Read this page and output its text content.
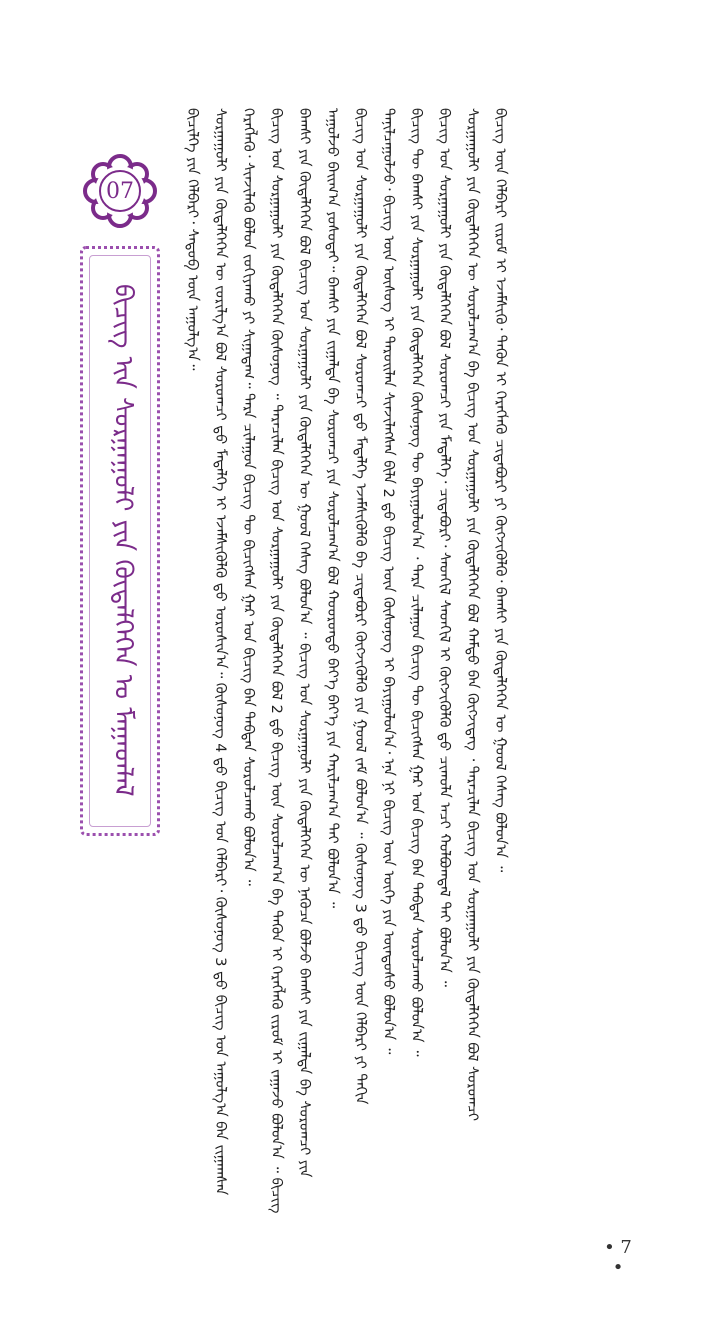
07
ᠪᠢᠴᠢᠭ ᠢᠨ ᠰᠤᠷᠭᠠᠭᠤᠯᠢ ᠶᠢᠨ ᠬᠥᠳᠡᠯᠭᠡᠭᠡᠨ ᠤ ᠮᠠᠭᠠᠳᠯᠠᠯ
ᠪᠢᠴᠢᠯᠭᠡ ᠶᠢᠨ ᠬᠡᠯᠪᠡᠷᠢ᠂ ᠰᠡᠳᠦᠪ ᠦᠨ ᠠᠭᠤᠯᠭ᠎ᠠ᠃ ᠰᠤᠷᠭᠠᠭᠤᠯᠢ ᠶᠢᠨ ᠬᠥᠳᠡᠯᠭᠡᠭᠡᠨ ᠦ ᠵᠣᠷᠢᠯᠭ᠎ᠠ ᠪᠣᠯ ᠰᠤᠷᠤᠭᠴᠢ ᠳ᠋ᠤ ᠮᠡᠳᠡᠯᠭᠡ ᠢ ᠡᠵᠡᠮᠰᠢᠭᠦᠯᠬᠦ ᠳ᠋ᠤ ᠣᠷᠣᠰᠢᠨ᠎ᠠ᠃ ᠬᠦᠰᠦᠨᠦᠭ 4 ᠳ᠋ᠦ ᠪᠢᠴᠢᠭ ᠤᠨ ᠬᠡᠯᠪᠡᠷᠢ᠂ ᠬᠦᠰᠦᠨᠦᠭ 3 ᠳ᠋ᠦ ᠪᠢᠴᠢᠭ ᠤᠨ ᠠᠭᠤᠯᠭ᠎ᠠ ᠪᠠᠨ ᠵᠢᠭᠠᠭᠰᠠᠨ
ᠬᠡᠷᠡᠭᠯᠡᠬᠦ᠂ ᠰᠢᠨᠵᠢᠯᠡᠬᠦ ᠪᠣᠯᠤᠨ ᠵᠣᠬᠢᠶᠠᠬᠤ ᠶᠢ ᠰᠢᠭ᠋ᠠᠳᠠᠭ᠃ ᠲᠡᠷᠡ ᠴᠢᠯᠠᠭᠤᠨ ᠪᠢᠴᠢᠭ ᠲᠦ ᠪᠢᠴᠢᠭᠰᠡᠨ ᠭᠠᠷ ᠤᠨ ᠪᠢᠴᠢᠭ ᠪᠠᠨ ᠳᠠᠪᠲᠠᠨ ᠰᠤᠷᠤᠯᠴᠠᠬᠤ ᠪᠣᠯᠤᠨ᠎ᠠ ᠃ ᠪᠢᠴᠢᠭ ᠤᠨ ᠰᠤᠷᠭᠠᠭᠤᠯᠢ ᠶᠢᠨ ᠬᠥᠳᠡᠯᠭᠡᠭᠡᠨ ᠬᠦᠰᠦᠨᠦᠭ ᠃ ᠲᠡᠷᠡᠴᠢᠯᠡᠨ ᠪᠢᠴᠢᠭ ᠤᠨ ᠰᠤᠷᠭᠠᠭᠤᠯᠢ ᠶᠢᠨ ᠬᠥᠳᠡᠯᠭᠡᠭᠡᠨ ᠪᠣᠯ 2 ᠳ᠋ᠦ ᠪᠢᠴᠢᠭ ᠦᠨ ᠰᠤᠷᠤᠯᠴᠠᠭ᠎ᠠ ᠪᠠ ᠲᠡᠭᠦᠨ ᠢ ᠬᠡᠷᠡᠭᠯᠡᠬᠦ ᠵᠢᠷᠤᠮ ᠢ ᠵᠠᠭᠠᠵᠤ ᠪᠣᠯᠤᠨ᠎ᠠ ᠃ ᠪᠢᠴᠢᠭ
ᠪᠠᠭᠰᠢ ᠶᠢᠨ ᠬᠥᠳᠡᠯᠭᠡᠭᠡᠨ ᠪᠣᠯ ᠪᠢᠴᠢᠭ ᠤᠨ ᠰᠤᠷᠭᠠᠭᠤᠯᠢ ᠶᠢᠨ ᠬᠥᠳᠡᠯᠭᠡᠭᠡᠨ ᠦ ᠭᠣᠣᠯ ᠬᠡᠰᠡᠭ ᠪᠣᠯᠤᠨ᠎ᠠ ᠃ ᠪᠢᠴᠢᠭ ᠤᠨ ᠰᠤᠷᠭᠠᠭᠤᠯᠢ ᠶᠢᠨ ᠬᠥᠳᠡᠯᠭᠡᠭᠡᠨ ᠦ ᠨᠡᠬᠦᠴᠡ ᠪᠣᠯᠵᠤ ᠪᠠᠭᠰᠢ ᠶᠢᠨ ᠵᠢᠭᠠᠯᠲᠠ ᠪᠠ ᠰᠤᠷᠤᠭᠴᠢ ᠶᠢᠨ
ᠠᠭᠤᠯᠵᠤ ᠪᠠᠢᠭ᠎ᠠ ᠶᠣᠰᠣᠲᠠᠢ᠃ ᠪᠠᠭᠰᠢ ᠶᠢᠨ ᠵᠢᠭᠠᠯᠲᠠ ᠪᠠ ᠰᠤᠷᠤᠭᠴᠢ ᠶᠢᠨ ᠰᠤᠷᠤᠯᠴᠠᠭ᠎ᠠ ᠪᠣᠯ ᠬᠣᠣᠷᠣᠨᠳᠤ ᠪᠡᠶ᠎ᠡ ᠪᠡᠶ᠎ᠡ ᠶᠢᠨ ᠬᠠᠷᠢᠯᠴᠠᠭ᠎ᠠ ᠲᠠᠢ ᠪᠣᠯᠤᠨ᠎ᠠ ᠃ ᠪᠢᠴᠢᠭ ᠤᠨ ᠰᠤᠷᠭᠠᠭᠤᠯᠢ ᠶᠢᠨ ᠬᠥᠳᠡᠯᠭᠡᠭᠡᠨ ᠪᠣᠯ ᠰᠤᠷᠤᠭᠴᠢ ᠳ᠋ᠤ ᠮᠡᠳᠡᠯᠭᠡ ᠡᠵᠡᠮᠰᠢᠭᠦᠯᠬᠦ ᠪᠠ ᠴᠢᠳᠠᠪᠤᠷᠢ ᠬᠥᠭᠵᠢᠭᠦᠯᠬᠦ ᠶᠢᠨ ᠭᠣᠣᠯ ᠵᠠᠮ ᠪᠣᠯᠤᠨ᠎ᠠ ᠃ ᠬᠦᠰᠦᠨᠦᠭ 3 ᠳ᠋ᠦ ᠪᠢᠴᠢᠭ ᠦᠨ ᠬᠡᠯᠪᠡᠷᠢ ᠶᠢ ᠳᠠᠬᠢᠨ ᠲᠠᠨᠢᠯᠴᠠᠭᠤᠯᠵᠤ᠂ ᠪᠢᠴᠢᠭ ᠦᠨ ᠦᠰᠦᠭ ᠢ ᠳᠠᠷᠤᠢᠯᠠᠨ ᠰᠢᠨᠵᠢᠯᠡᠭᠰᠡᠨ ᠪᠢᠯᠡ 2 ᠳ᠋ᠦ ᠪᠢᠴᠢᠭ ᠦᠨ ᠬᠦᠰᠦᠨᠦᠭ ᠢ ᠪᠠᠶᠢᠭᠤᠯᠤᠨ᠎ᠠ᠂ ᠡᠨᠡ ᠨᠢ ᠪᠢᠴᠢᠭ ᠦᠨ ᠦᠭᠡ ᠶᠢᠨ ᠦᠨᠳᠦᠰᠦ ᠪᠣᠯᠤᠨ᠎ᠠ ᠃ ᠪᠢᠴᠢᠭ ᠲᠦ ᠪᠠᠭᠰᠢ ᠶᠢᠨ ᠰᠤᠷᠭᠠᠭᠤᠯᠢ ᠶᠢᠨ ᠬᠥᠳᠡᠯᠭᠡᠭᠡᠨ ᠬᠦᠰᠦᠨᠦᠭ ᠲᠦ ᠪᠠᠶᠢᠭᠤᠯᠤᠨ᠎ᠠ ᠂ ᠲᠡᠷᠡ ᠴᠢᠯᠠᠭᠤᠨ ᠪᠢᠴᠢᠭ ᠲᠦ ᠪᠢᠴᠢᠭᠰᠡᠨ ᠭᠠᠷ ᠤᠨ ᠪᠢᠴᠢᠭ ᠪᠠᠨ ᠳᠠᠪᠲᠠᠨ ᠰᠤᠷᠤᠯᠴᠠᠬᠤ ᠪᠣᠯᠤᠨ᠎ᠠ ᠃ ᠪᠢᠴᠢᠭ ᠤᠨ ᠰᠤᠷᠭᠠᠭᠤᠯᠢ ᠶᠢᠨ ᠬᠥᠳᠡᠯᠭᠡᠭᠡᠨ ᠪᠣᠯ ᠰᠤᠷᠤᠭᠴᠢ ᠶᠢᠨ ᠮᠡᠳᠡᠯᠭᠡ᠂ ᠴᠢᠳᠠᠪᠤᠷᠢ᠂ ᠰᠡᠳᠭᠢᠯ ᠰᠡᠳᠬᠢᠯ ᠢ ᠬᠥᠭᠵᠢᠭᠦᠯᠬᠦ ᠳ᠋ᠤ ᠴᠢᠬᠤᠯᠠ ᠠᠴᠢ ᠬᠤᠯᠪᠤᠭᠳᠠᠯ ᠲᠠᠢ ᠪᠣᠯᠤᠨ᠎ᠠ ᠃ ᠰᠤᠷᠭᠠᠭᠤᠯᠢ ᠶᠢᠨ ᠬᠥᠳᠡᠯᠭᠡᠭᠡᠨ ᠦ ᠰᠤᠷᠤᠯᠴᠠᠭ᠎ᠠ ᠪᠠ ᠪᠢᠴᠢᠭ ᠤᠨ ᠰᠤᠷᠭᠠᠭᠤᠯᠢ ᠶᠢᠨ ᠬᠥᠳᠡᠯᠭᠡᠭᠡᠨ ᠪᠣᠯ ᠬᠠᠮᠲᠤ ᠪᠠᠨ ᠬᠥᠭᠵᠢᠳᠡᠭ ᠂ ᠲᠡᠷᠡᠴᠢᠯᠡᠨ ᠪᠢᠴᠢᠭ ᠤᠨ ᠰᠤᠷᠭᠠᠭᠤᠯᠢ ᠶᠢᠨ ᠬᠥᠳᠡᠯᠭᠡᠭᠡᠨ ᠪᠣᠯ ᠰᠤᠷᠤᠭᠴᠢ ᠪᠢᠴᠢᠭ ᠦᠨ ᠬᠡᠯᠪᠡᠷᠢ ᠵᠢᠷᠤᠮ ᠢ ᠡᠵᠡᠮᠰᠢᠬᠦ᠂ ᠲᠡᠭᠦᠨ ᠢ ᠬᠡᠷᠡᠭᠯᠡᠬᠦ ᠴᠢᠳᠠᠪᠤᠷᠢ ᠶᠢ ᠬᠥᠭᠵᠢᠭᠦᠯᠬᠦ᠂ ᠪᠠᠭᠰᠢ ᠶᠢᠨ ᠬᠥᠳᠡᠯᠭᠡᠭᠡᠨ ᠦ ᠭᠣᠣᠯ ᠬᠡᠰᠡᠭ ᠪᠣᠯᠤᠨ᠎ᠠ ᠃
• 7 •
